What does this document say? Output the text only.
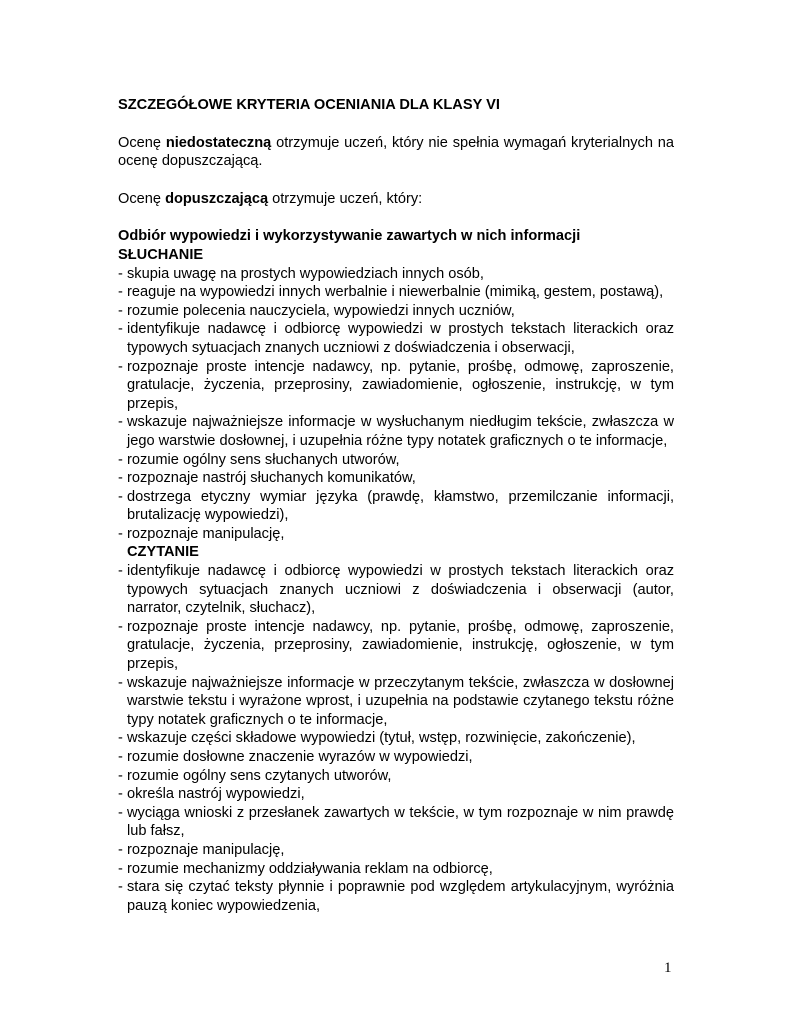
SZCZEGÓŁOWE KRYTERIA OCENIANIA DLA KLASY VI

Ocenę niedostateczną otrzymuje uczeń, który nie spełnia wymagań kryterialnych na ocenę dopuszczającą.

Ocenę dopuszczającą otrzymuje uczeń, który:

Odbiór wypowiedzi i wykorzystywanie zawartych w nich informacji
SŁUCHANIE
- skupia uwagę na prostych wypowiedziach innych osób,
- reaguje na wypowiedzi innych werbalnie i niewerbalnie (mimiką, gestem, postawą),
- rozumie polecenia nauczyciela, wypowiedzi innych uczniów,
- identyfikuje nadawcę i odbiorcę wypowiedzi w prostych tekstach literackich oraz typowych sytuacjach znanych uczniowi z doświadczenia i obserwacji,
- rozpoznaje proste intencje nadawcy, np. pytanie, prośbę, odmowę, zaproszenie, gratulacje, życzenia, przeprosiny, zawiadomienie, ogłoszenie, instrukcję, w tym przepis,
- wskazuje najważniejsze informacje w wysłuchanym niedługim tekście, zwłaszcza w jego warstwie dosłownej, i uzupełnia różne typy notatek graficznych o te informacje,
- rozumie ogólny sens słuchanych utworów,
- rozpoznaje nastrój słuchanych komunikatów,
- dostrzega etyczny wymiar języka (prawdę, kłamstwo, przemilczanie informacji, brutalizację wypowiedzi),
- rozpoznaje manipulację,
CZYTANIE
- identyfikuje nadawcę i odbiorcę wypowiedzi w prostych tekstach literackich oraz typowych sytuacjach znanych uczniowi z doświadczenia i obserwacji (autor, narrator, czytelnik, słuchacz),
- rozpoznaje proste intencje nadawcy, np. pytanie, prośbę, odmowę, zaproszenie, gratulacje, życzenia, przeprosiny, zawiadomienie, instrukcję, ogłoszenie, w tym przepis,
- wskazuje najważniejsze informacje w przeczytanym tekście, zwłaszcza w dosłownej warstwie tekstu i wyrażone wprost, i uzupełnia na podstawie czytanego tekstu różne typy notatek graficznych o te informacje,
- wskazuje części składowe wypowiedzi (tytuł, wstęp, rozwinięcie, zakończenie),
- rozumie dosłowne znaczenie wyrazów w wypowiedzi,
- rozumie ogólny sens czytanych utworów,
- określa nastrój wypowiedzi,
- wyciąga wnioski z przesłanek zawartych w tekście, w tym rozpoznaje w nim prawdę lub fałsz,
- rozpoznaje manipulację,
- rozumie mechanizmy oddziaływania reklam na odbiorcę,
- stara się czytać teksty płynnie i poprawnie pod względem artykulacyjnym, wyróżnia pauzą koniec wypowiedzenia,
1
